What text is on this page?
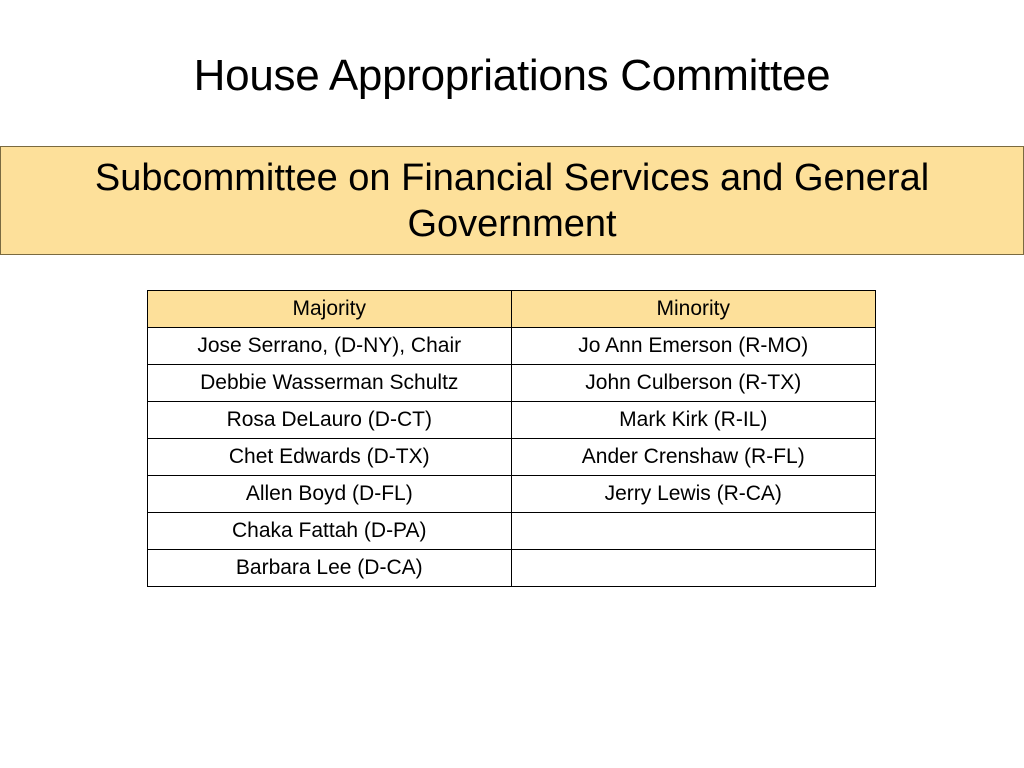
House Appropriations Committee
Subcommittee on Financial Services and General Government
Majority	Minority
Jose Serrano, (D-NY), Chair	Jo Ann Emerson (R-MO)
Debbie Wasserman Schultz	John Culberson (R-TX)
Rosa DeLauro (D-CT)	Mark Kirk (R-IL)
Chet Edwards (D-TX)	Ander Crenshaw (R-FL)
Allen Boyd (D-FL)	Jerry Lewis (R-CA)
Chaka Fattah (D-PA)	
Barbara Lee (D-CA)	
